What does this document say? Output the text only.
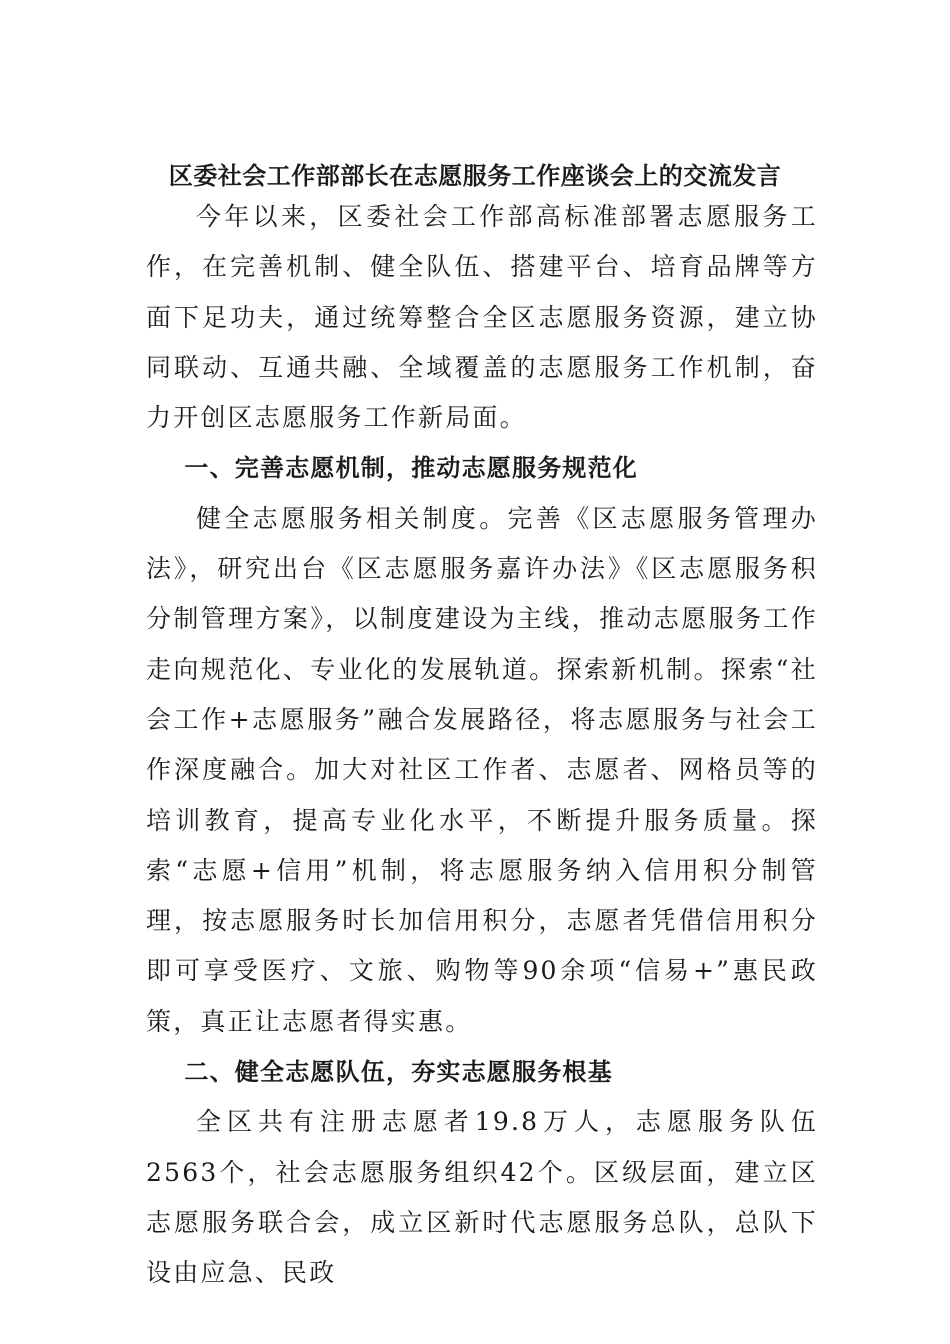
区委社会工作部部长在志愿服务工作座谈会上的交流发言

今年以来，区委社会工作部高标准部署志愿服务工作，在完善机制、健全队伍、搭建平台、培育品牌等方面下足功夫，通过统筹整合全区志愿服务资源，建立协同联动、互通共融、全域覆盖的志愿服务工作机制，奋力开创区志愿服务工作新局面。

一、完善志愿机制，推动志愿服务规范化

健全志愿服务相关制度。完善《区志愿服务管理办法》，研究出台《区志愿服务嘉许办法》《区志愿服务积分制管理方案》，以制度建设为主线，推动志愿服务工作走向规范化、专业化的发展轨道。探索新机制。探索“社会工作+志愿服务”融合发展路径，将志愿服务与社会工作深度融合。加大对社区工作者、志愿者、网格员等的培训教育，提高专业化水平，不断提升服务质量。探索“志愿+信用”机制，将志愿服务纳入信用积分制管理，按志愿服务时长加信用积分，志愿者凭借信用积分即可享受医疗、文旅、购物等90余项“信易+”惠民政策，真正让志愿者得实惠。

二、健全志愿队伍，夯实志愿服务根基

全区共有注册志愿者19.8万人，志愿服务队伍2563个，社会志愿服务组织42个。区级层面，建立区志愿服务联合会，成立区新时代志愿服务总队，总队下设由应急、民政
